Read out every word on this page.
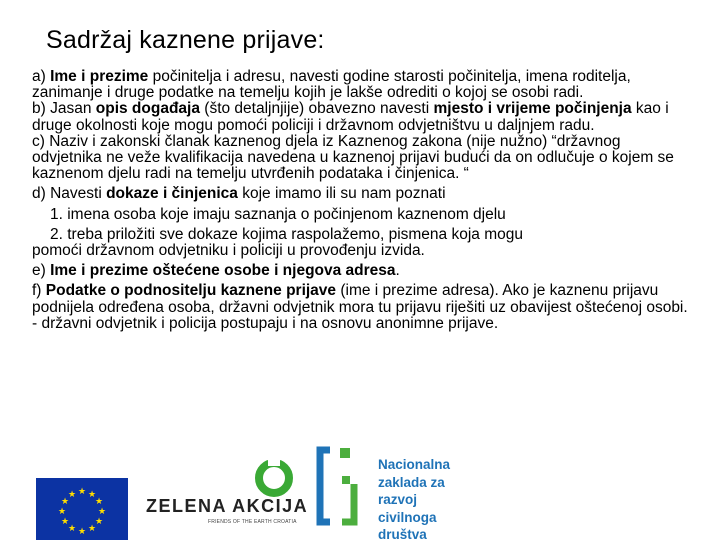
Sadržaj kaznene prijave:

a) Ime i prezime počinitelja i adresu, navesti godine starosti počinitelja, imena roditelja, zanimanje i druge podatke na temelju kojih je lakše odrediti o kojoj se osobi radi.

b) Jasan opis događaja (što detaljnjije) obavezno navesti mjesto i vrijeme počinjenja kao i druge okolnosti koje mogu pomoći policiji i državnom odvjetništvu u daljnjem radu.

c) Naziv i zakonski članak kaznenog djela iz Kaznenog zakona (nije nužno) “državnog odvjetnika ne veže kvalifikacija navedena u kaznenoj prijavi budući da on odlučuje o kojem se kaznenom djelu radi na temelju utvrđenih podataka i činjenica. “

d) Navesti dokaze i činjenica koje imamo ili su nam poznati

1. imena osoba koje imaju saznanja o počinjenom kaznenom djelu

2. treba priložiti sve dokaze kojima raspolažemo, pismena koja mogu

pomoći državnom odvjetniku i policiji u provođenju izvida.

e) Ime i prezime oštećene osobe i njegova adresa.

f) Podatke o podnositelju kaznene prijave (ime i prezime adresa). Ako je kaznenu prijavu podnijela određena osoba, državni odvjetnik mora tu prijavu riješiti uz obavijest oštećenoj osobi.

- državni odvjetnik i policija postupaju i na osnovu anonimne prijave.

★ ★
★
★
★
★
★
★
★
★
★
★
ZELENA AKCIJA
FRIENDS OF THE EARTH CROATIA
Nacionalna
zaklada za
razvoj
civilnoga
društva
